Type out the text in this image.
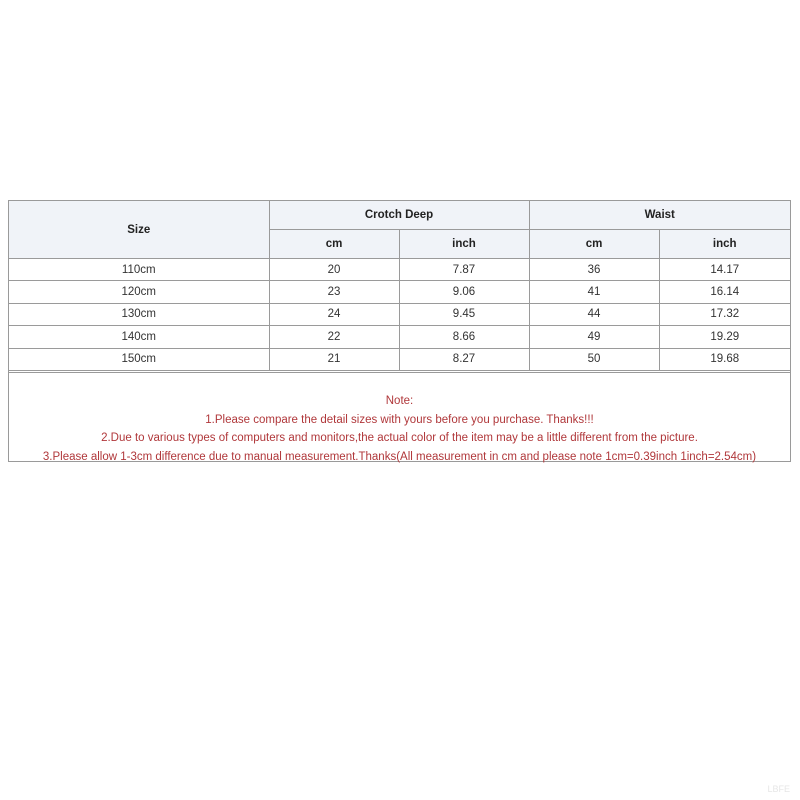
Size	Crotch Deep		Waist	
	cm	inch	cm	inch
110cm	20	7.87	36	14.17
120cm	23	9.06	41	16.14
130cm	24	9.45	44	17.32
140cm	22	8.66	49	19.29
150cm	21	8.27	50	19.68
Note:
1.Please compare the detail sizes with yours before you purchase. Thanks!!!
2.Due to various types of computers and monitors,the actual color of the item may be a little different from the picture.
3.Please allow 1-3cm difference due to manual measurement.Thanks(All measurement in cm and please note 1cm=0.39inch 1inch=2.54cm)
LBFE
